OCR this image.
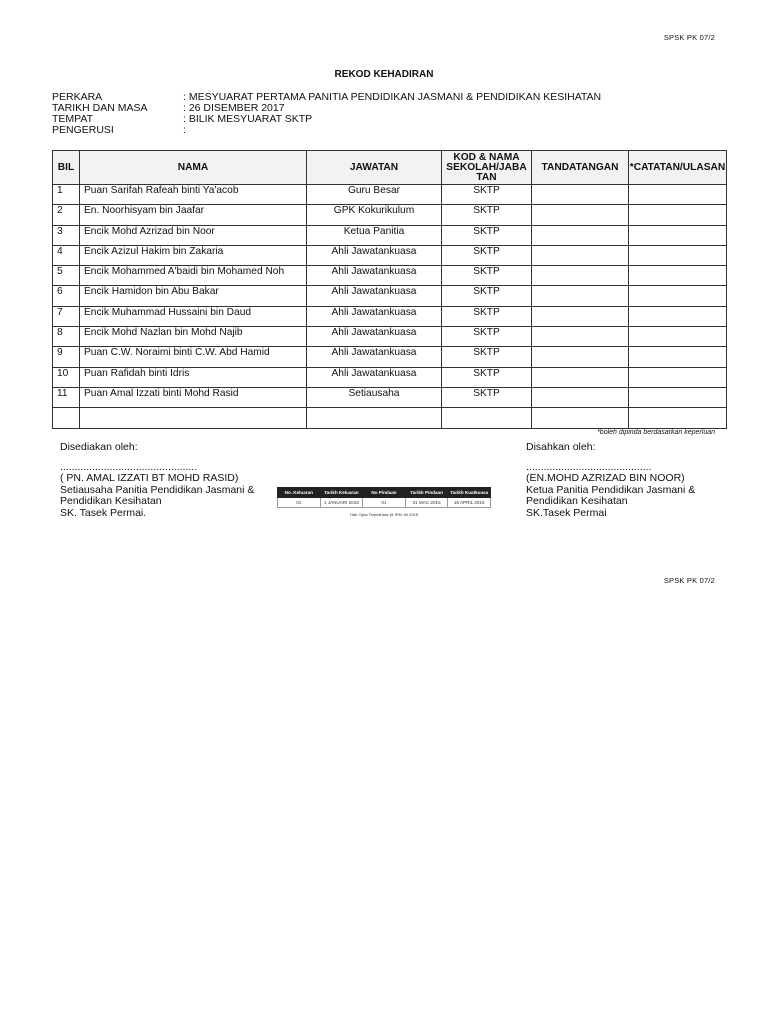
SPSK PK 07/2
REKOD KEHADIRAN
PERKARA	: MESYUARAT PERTAMA PANITIA PENDIDIKAN JASMANI & PENDIDIKAN KESIHATAN
TARIKH DAN MASA	: 26 DISEMBER 2017
TEMPAT	: BILIK MESYUARAT SKTP
PENGERUSI	:
BIL	NAMA	JAWATAN	KOD & NAMA SEKOLAH/JABA TAN	TANDATANGAN	*CATATAN/ULASAN
1	Puan Sarifah Rafeah binti Ya'acob	Guru Besar	SKTP		
2	En. Noorhisyam bin Jaafar	GPK Kokurikulum	SKTP		
3	Encik Mohd Azrizad bin Noor	Ketua Panitia	SKTP		
4	Encik Azizul Hakim bin Zakaria	Ahli Jawatankuasa	SKTP		
5	Encik Mohammed A'baidi bin Mohamed Noh	Ahli Jawatankuasa	SKTP		
6	Encik Hamidon bin Abu Bakar	Ahli Jawatankuasa	SKTP		
7	Encik Muhammad Hussaini bin Daud	Ahli Jawatankuasa	SKTP		
8	Encik Mohd Nazlan bin Mohd Najib	Ahli Jawatankuasa	SKTP		
9	Puan C.W. Noraimi binti C.W. Abd Hamid	Ahli Jawatankuasa	SKTP		
10	Puan Rafidah binti Idris	Ahli Jawatankuasa	SKTP		
11	Puan Amal Izzati binti Mohd Rasid	Setiausaha	SKTP		

*boleh dipinda berdasarkan keperluan
Disediakan oleh:
...............................................
( PN. AMAL IZZATI BT MOHD RASID)
Setiausaha Panitia Pendidikan Jasmani &
Pendidikan Kesihatan
SK. Tasek Permai.
Disahkan oleh:
...........................................
(EN.MOHD AZRIZAD BIN NOOR)
Ketua Panitia Pendidikan Jasmani &
Pendidikan Kesihatan
SK.Tasek Permai
No. Keluaran	Tarikh Keluaran	No Pindaan	Tarikh Pindaan	Tarikh Kuatkuasa
01	1 JANUARI 2015	01	31 MAC 2015	15 APRIL 2015
Hak Cipta Terpelihara @ IPM Jel 2015
SPSK PK 07/2
